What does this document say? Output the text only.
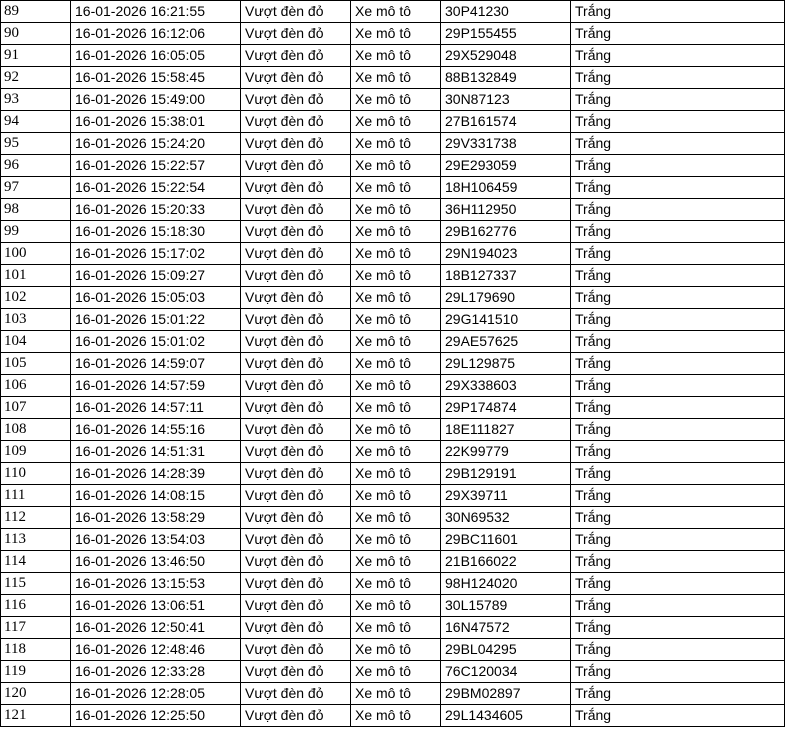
89	16-01-2026 16:21:55	Vượt đèn đỏ	Xe mô tô	30P41230	Trắng
90	16-01-2026 16:12:06	Vượt đèn đỏ	Xe mô tô	29P155455	Trắng
91	16-01-2026 16:05:05	Vượt đèn đỏ	Xe mô tô	29X529048	Trắng
92	16-01-2026 15:58:45	Vượt đèn đỏ	Xe mô tô	88B132849	Trắng
93	16-01-2026 15:49:00	Vượt đèn đỏ	Xe mô tô	30N87123	Trắng
94	16-01-2026 15:38:01	Vượt đèn đỏ	Xe mô tô	27B161574	Trắng
95	16-01-2026 15:24:20	Vượt đèn đỏ	Xe mô tô	29V331738	Trắng
96	16-01-2026 15:22:57	Vượt đèn đỏ	Xe mô tô	29E293059	Trắng
97	16-01-2026 15:22:54	Vượt đèn đỏ	Xe mô tô	18H106459	Trắng
98	16-01-2026 15:20:33	Vượt đèn đỏ	Xe mô tô	36H112950	Trắng
99	16-01-2026 15:18:30	Vượt đèn đỏ	Xe mô tô	29B162776	Trắng
100	16-01-2026 15:17:02	Vượt đèn đỏ	Xe mô tô	29N194023	Trắng
101	16-01-2026 15:09:27	Vượt đèn đỏ	Xe mô tô	18B127337	Trắng
102	16-01-2026 15:05:03	Vượt đèn đỏ	Xe mô tô	29L179690	Trắng
103	16-01-2026 15:01:22	Vượt đèn đỏ	Xe mô tô	29G141510	Trắng
104	16-01-2026 15:01:02	Vượt đèn đỏ	Xe mô tô	29AE57625	Trắng
105	16-01-2026 14:59:07	Vượt đèn đỏ	Xe mô tô	29L129875	Trắng
106	16-01-2026 14:57:59	Vượt đèn đỏ	Xe mô tô	29X338603	Trắng
107	16-01-2026 14:57:11	Vượt đèn đỏ	Xe mô tô	29P174874	Trắng
108	16-01-2026 14:55:16	Vượt đèn đỏ	Xe mô tô	18E111827	Trắng
109	16-01-2026 14:51:31	Vượt đèn đỏ	Xe mô tô	22K99779	Trắng
110	16-01-2026 14:28:39	Vượt đèn đỏ	Xe mô tô	29B129191	Trắng
111	16-01-2026 14:08:15	Vượt đèn đỏ	Xe mô tô	29X39711	Trắng
112	16-01-2026 13:58:29	Vượt đèn đỏ	Xe mô tô	30N69532	Trắng
113	16-01-2026 13:54:03	Vượt đèn đỏ	Xe mô tô	29BC11601	Trắng
114	16-01-2026 13:46:50	Vượt đèn đỏ	Xe mô tô	21B166022	Trắng
115	16-01-2026 13:15:53	Vượt đèn đỏ	Xe mô tô	98H124020	Trắng
116	16-01-2026 13:06:51	Vượt đèn đỏ	Xe mô tô	30L15789	Trắng
117	16-01-2026 12:50:41	Vượt đèn đỏ	Xe mô tô	16N47572	Trắng
118	16-01-2026 12:48:46	Vượt đèn đỏ	Xe mô tô	29BL04295	Trắng
119	16-01-2026 12:33:28	Vượt đèn đỏ	Xe mô tô	76C120034	Trắng
120	16-01-2026 12:28:05	Vượt đèn đỏ	Xe mô tô	29BM02897	Trắng
121	16-01-2026 12:25:50	Vượt đèn đỏ	Xe mô tô	29L1434605	Trắng
